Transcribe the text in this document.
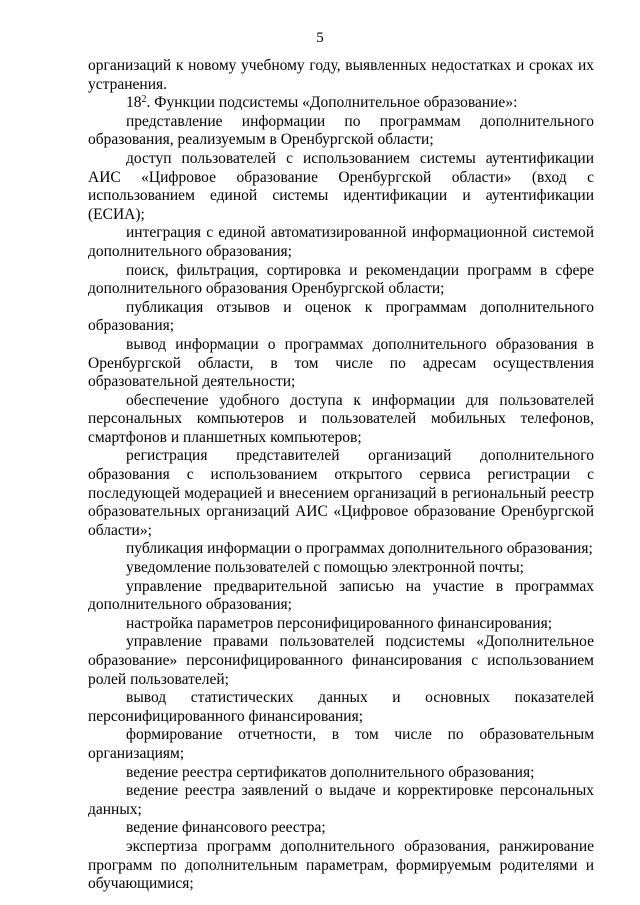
5

организаций к новому учебному году, выявленных недостатках и сроках их устранения.

$18^2$. Функции подсистемы «Дополнительное образование»:

представление информации по программам дополнительного образования, реализуемым в Оренбургской области;

доступ пользователей с использованием системы аутентификации АИС «Цифровое образование Оренбургской области» (вход с использованием единой системы идентификации и аутентификации (ЕСИА);

интеграция с единой автоматизированной информационной системой дополнительного образования;

поиск, фильтрация, сортировка и рекомендации программ в сфере дополнительного образования Оренбургской области;

публикация отзывов и оценок к программам дополнительного образования;

вывод информации о программах дополнительного образования в Оренбургской области, в том числе по адресам осуществления образовательной деятельности;

обеспечение удобного доступа к информации для пользователей персональных компьютеров и пользователей мобильных телефонов, смартфонов и планшетных компьютеров;

регистрация представителей организаций дополнительного образования с использованием открытого сервиса регистрации с последующей модерацией и внесением организаций в региональный реестр образовательных организаций АИС «Цифровое образование Оренбургской области»;

публикация информации о программах дополнительного образования;

уведомление пользователей с помощью электронной почты;

управление предварительной записью на участие в программах дополнительного образования;

настройка параметров персонифицированного финансирования;

управление правами пользователей подсистемы «Дополнительное образование» персонифицированного финансирования с использованием ролей пользователей;

вывод статистических данных и основных показателей персонифицированного финансирования;

формирование отчетности, в том числе по образовательным организациям;

ведение реестра сертификатов дополнительного образования;

ведение реестра заявлений о выдаче и корректировке персональных данных;

ведение финансового реестра;

экспертиза программ дополнительного образования, ранжирование программ по дополнительным параметрам, формируемым родителями и обучающимися;
